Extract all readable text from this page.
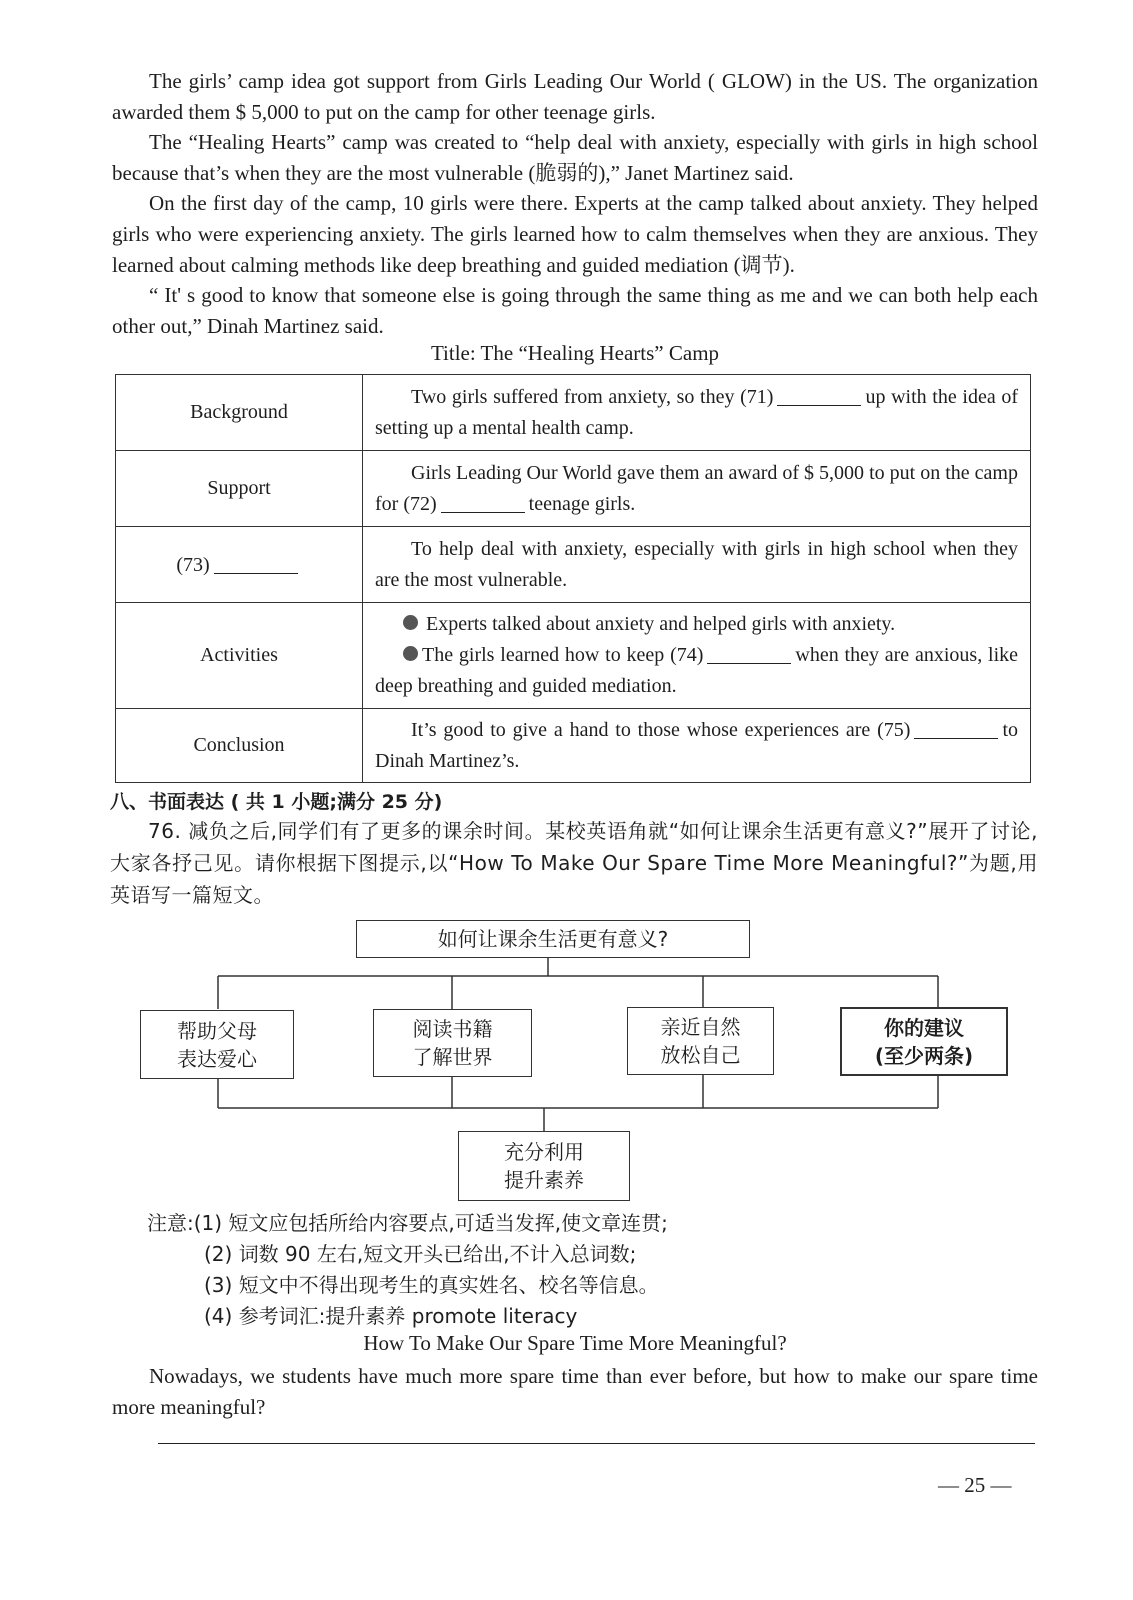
The girls’ camp idea got support from Girls Leading Our World ( GLOW) in the US. The organization awarded them $ 5,000 to put on the camp for other teenage girls.

The “Healing Hearts” camp was created to “help deal with anxiety, especially with girls in high school because that’s when they are the most vulnerable (脆弱的),” Janet Martinez said.

On the first day of the camp, 10 girls were there. Experts at the camp talked about anxiety. They helped girls who were experiencing anxiety. The girls learned how to calm themselves when they are anxious. They learned about calming methods like deep breathing and guided mediation (调节).

“ It' s good to know that someone else is going through the same thing as me and we can both help each other out,” Dinah Martinez said.

Title: The “Healing Hearts” Camp
Background	Two girls suffered from anxiety, so they (71) up with the idea of setting up a mental health camp.

Support	Girls Leading Our World gave them an award of $ 5,000 to put on the camp for (72) teenage girls.

(73)	To help deal with anxiety, especially with girls in high school when they are the most vulnerable.

Activities	Experts talked about anxiety and helped girls with anxiety.
The girls learned how to keep (74) when they are anxious, like deep breathing and guided mediation.

Conclusion	It’s good to give a hand to those whose experiences are (75) to Dinah Martinez’s.
八、书面表达 ( 共 1 小题;满分 25 分)

76. 减负之后,同学们有了更多的课余时间。某校英语角就“如何让课余生活更有意义?”展开了讨论,大家各抒己见。请你根据下图提示,以“How To Make Our Spare Time More Meaningful?”为题,用英语写一篇短文。

如何让课余生活更有意义?
帮助父母
表达爱心
阅读书籍
了解世界
亲近自然
放松自己
你的建议
(至少两条)
充分利用
提升素养
注意:(1) 短文应包括所给内容要点,可适当发挥,使文章连贯;
(2) 词数 90 左右,短文开头已给出,不计入总词数;
(3) 短文中不得出现考生的真实姓名、校名等信息。
(4) 参考词汇:提升素养 promote literacy
How To Make Our Spare Time More Meaningful?

Nowadays, we students have much more spare time than ever before, but how to make our spare time more meaningful?

— 25 —
